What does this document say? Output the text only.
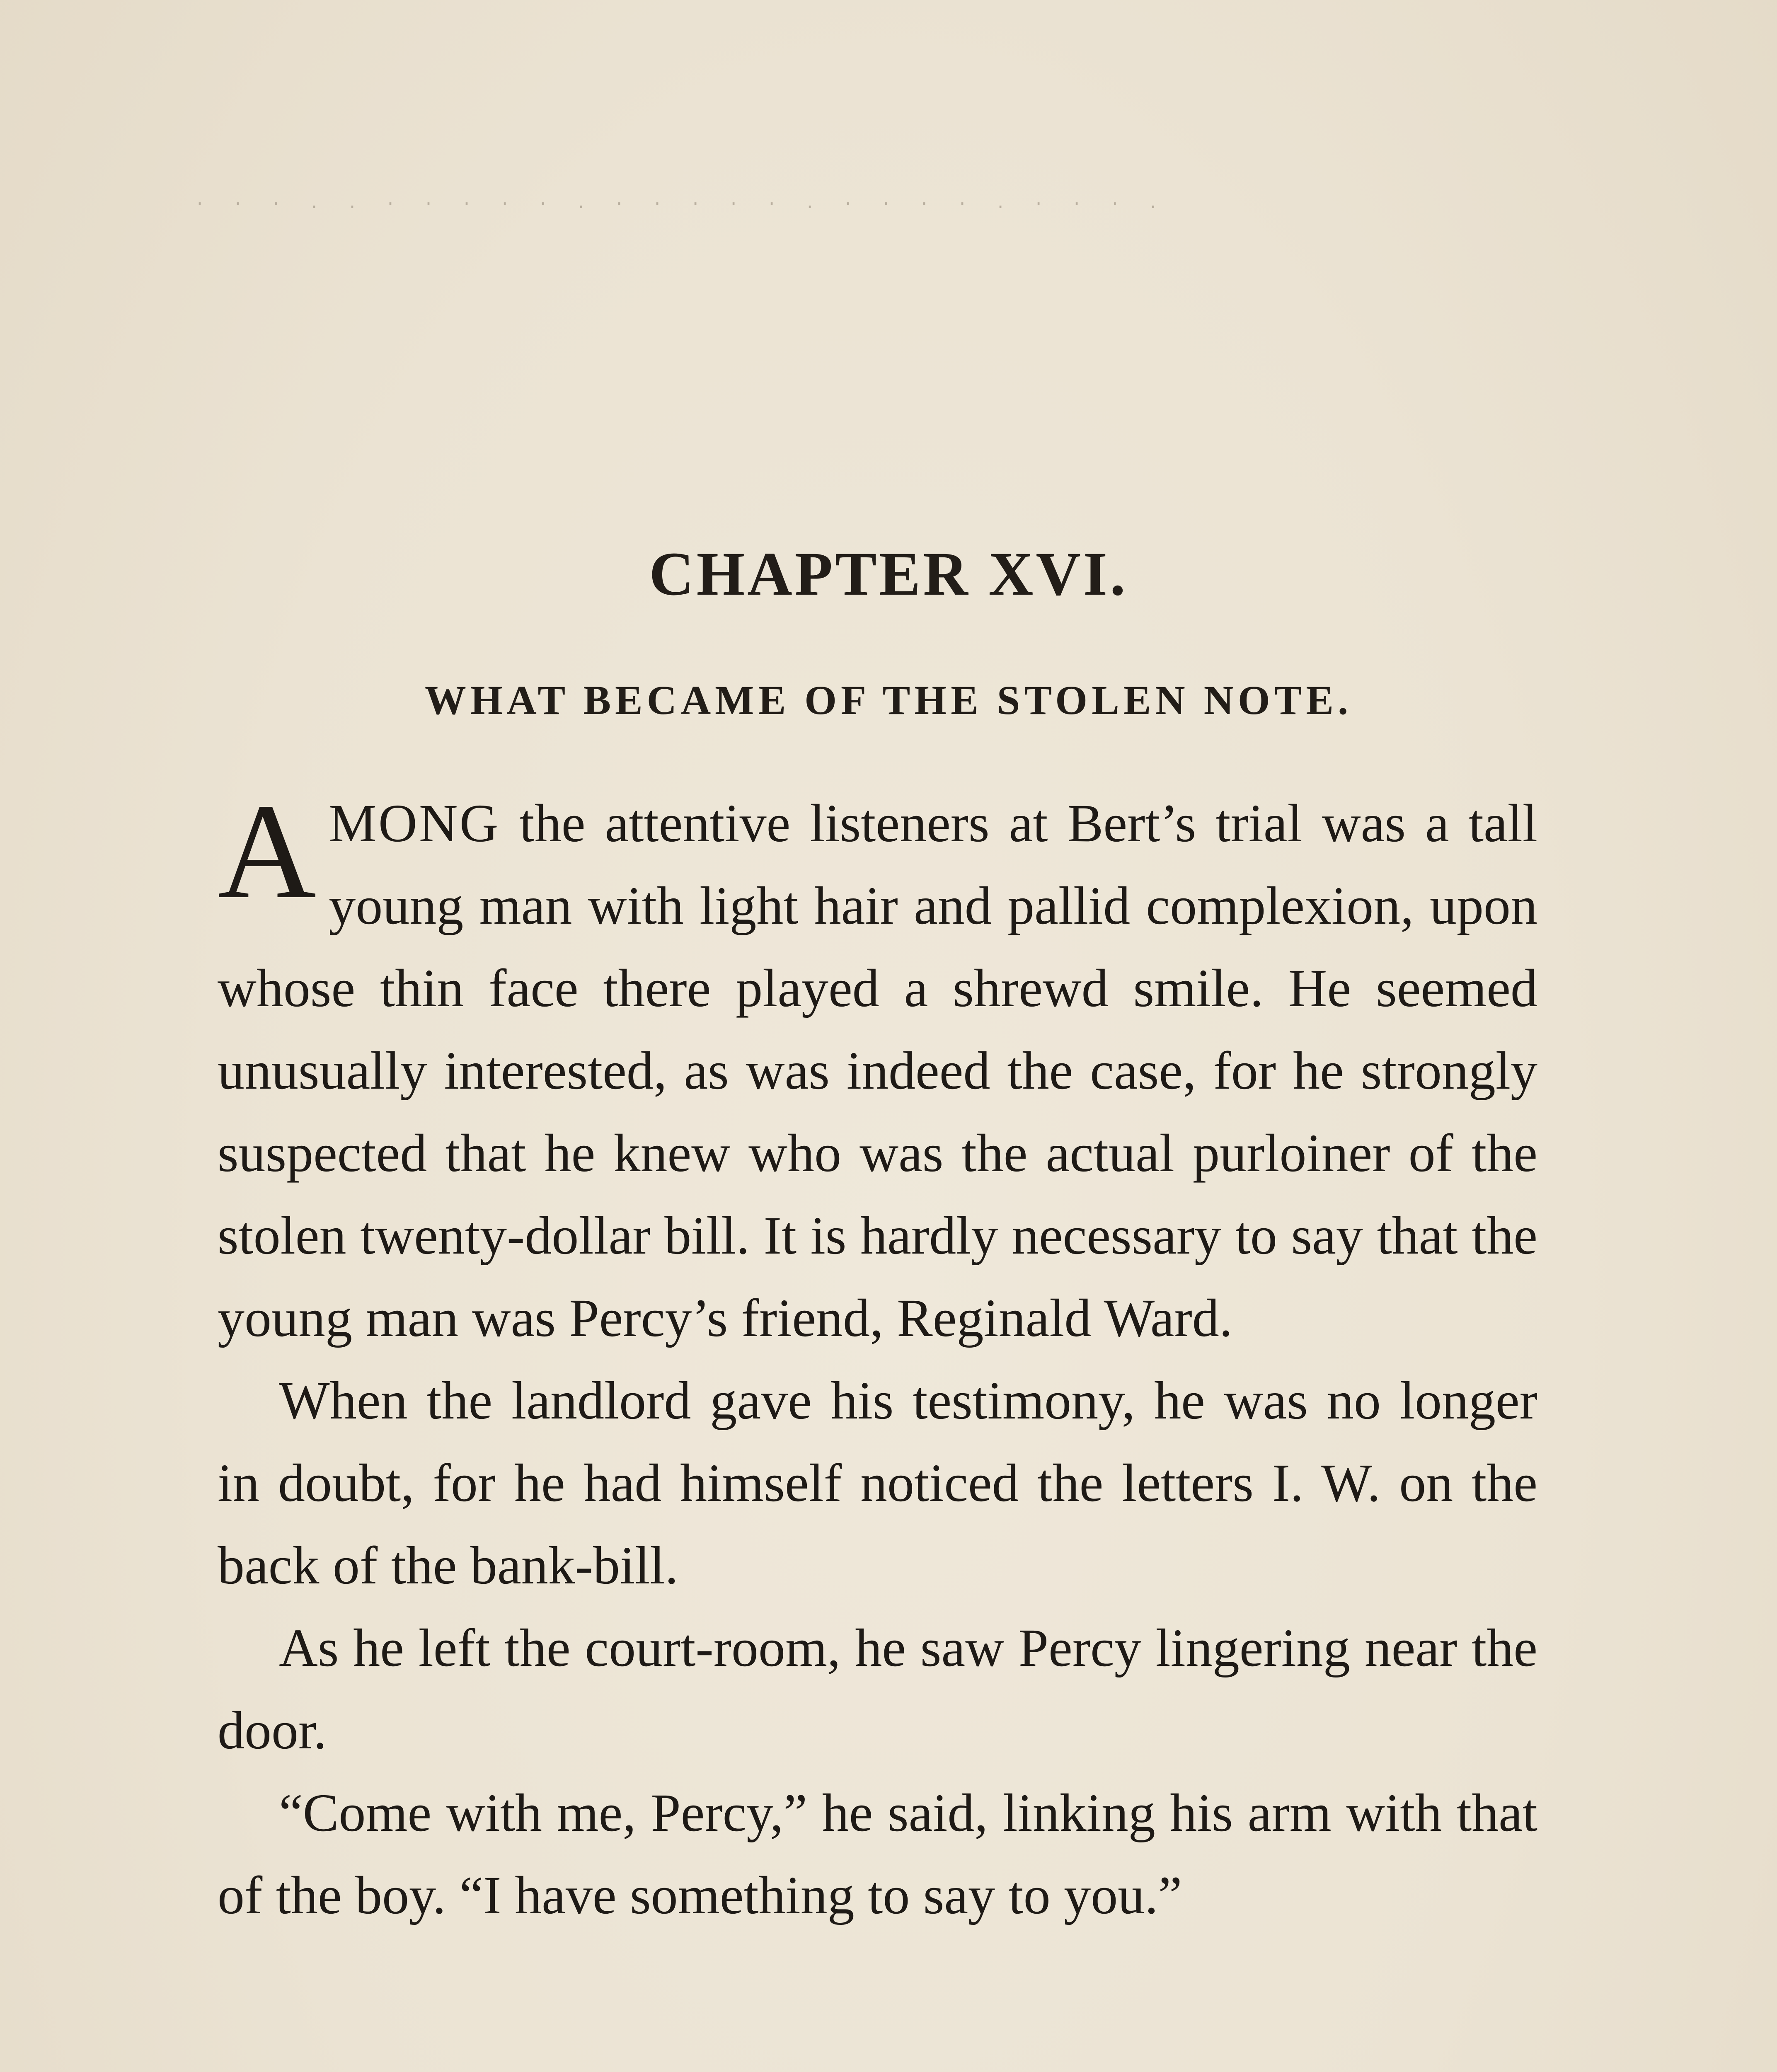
· · · . . · · · · · . · · · · · . · · · · . · · · .
CHAPTER XVI.
WHAT BECAME OF THE STOLEN NOTE.

AMONG the attentive listeners at Bert’s trial was a tall young man with light hair and pallid complexion, upon whose thin face there played a shrewd smile. He seemed unusually interested, as was indeed the case, for he strongly suspected that he knew who was the actual purloiner of the stolen twenty-dollar bill. It is hardly necessary to say that the young man was Percy’s friend, Reginald Ward.

When the landlord gave his testimony, he was no longer in doubt, for he had himself noticed the letters I. W. on the back of the bank-bill.

As he left the court-room, he saw Percy lingering near the door.

“Come with me, Percy,” he said, linking his arm with that of the boy. “I have something to say to you.”
